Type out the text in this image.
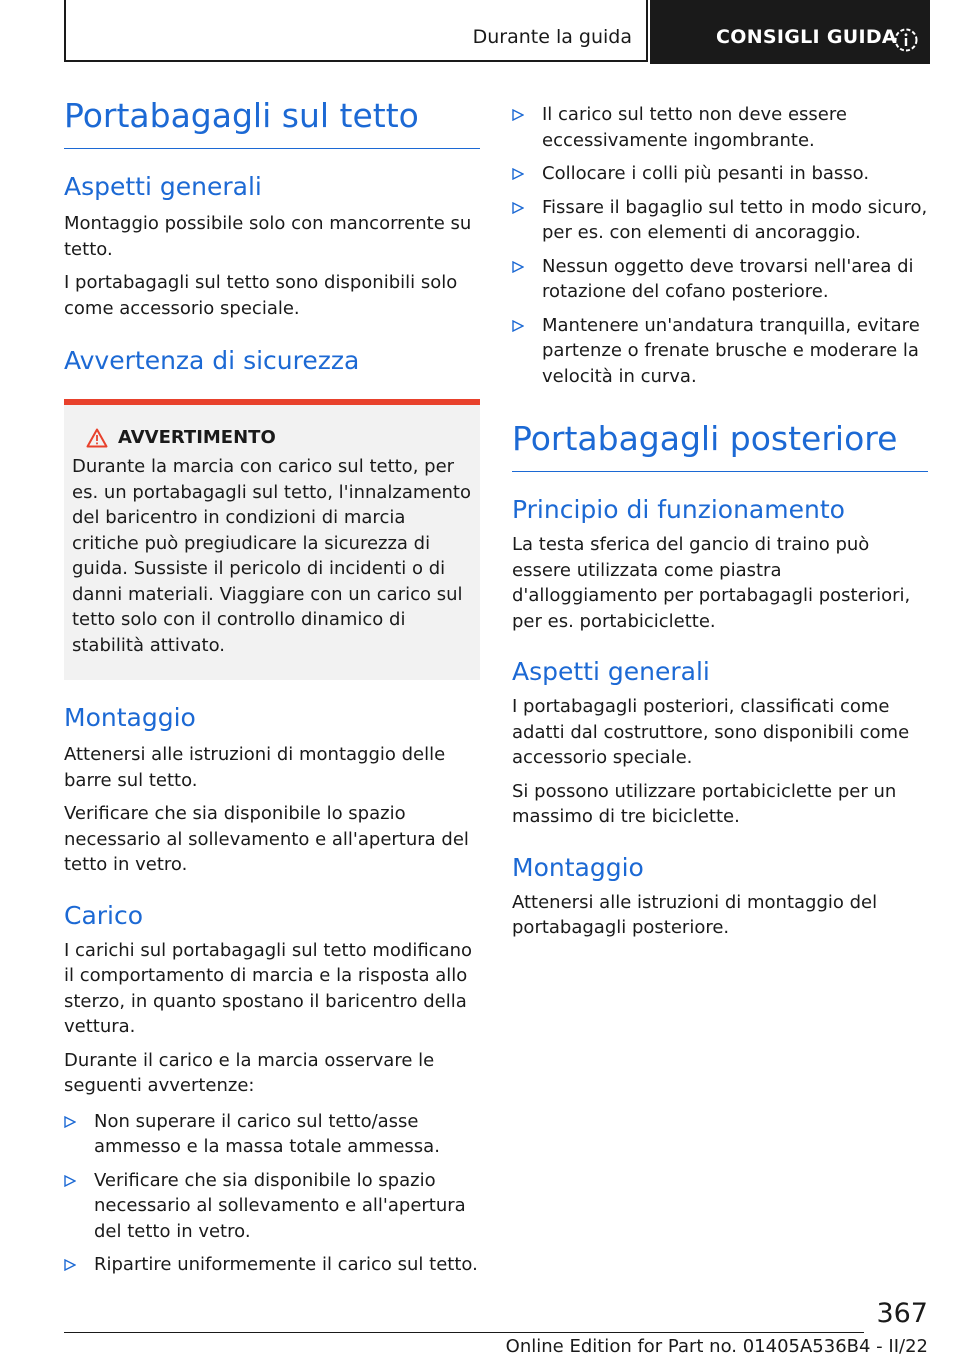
Durante la guida	CONSIGLI GUIDA
Portabagagli sul tetto
Aspetti generali

Montaggio possibile solo con mancorrente su tetto.

I portabagagli sul tetto sono disponibili solo come accessorio speciale.

Avvertenza di sicurezza
AVVERTIMENTO
Durante la marcia con carico sul tetto, per es. un portabagagli sul tetto, l'innalzamento del baricentro in condizioni di marcia critiche può pregiudicare la sicurezza di guida. Sussiste il pericolo di incidenti o di danni materiali. Viaggiare con un carico sul tetto solo con il controllo dinamico di stabilità attivato.
Montaggio

Attenersi alle istruzioni di montaggio delle barre sul tetto.

Verificare che sia disponibile lo spazio necessario al sollevamento e all'apertura del tetto in vetro.

Carico

I carichi sul portabagagli sul tetto modificano il comportamento di marcia e la risposta allo sterzo, in quanto spostano il baricentro della vettura.

Durante il carico e la marcia osservare le seguenti avvertenze:

Non superare il carico sul tetto/asse ammesso e la massa totale ammessa.
Verificare che sia disponibile lo spazio necessario al sollevamento e all'apertura del tetto in vetro.
Ripartire uniformemente il carico sul tetto.
Il carico sul tetto non deve essere eccessivamente ingombrante.
Collocare i colli più pesanti in basso.
Fissare il bagaglio sul tetto in modo sicuro, per es. con elementi di ancoraggio.
Nessun oggetto deve trovarsi nell'area di rotazione del cofano posteriore.
Mantenere un'andatura tranquilla, evitare partenze o frenate brusche e moderare la velocità in curva.
Portabagagli posteriore
Principio di funzionamento

La testa sferica del gancio di traino può essere utilizzata come piastra d'alloggiamento per portabagagli posteriori, per es. portabiciclette.

Aspetti generali

I portabagagli posteriori, classificati come adatti dal costruttore, sono disponibili come accessorio speciale.

Si possono utilizzare portabiciclette per un massimo di tre biciclette.

Montaggio

Attenersi alle istruzioni di montaggio del portabagagli posteriore.

367
Online Edition for Part no. 01405A536B4 - II/22
